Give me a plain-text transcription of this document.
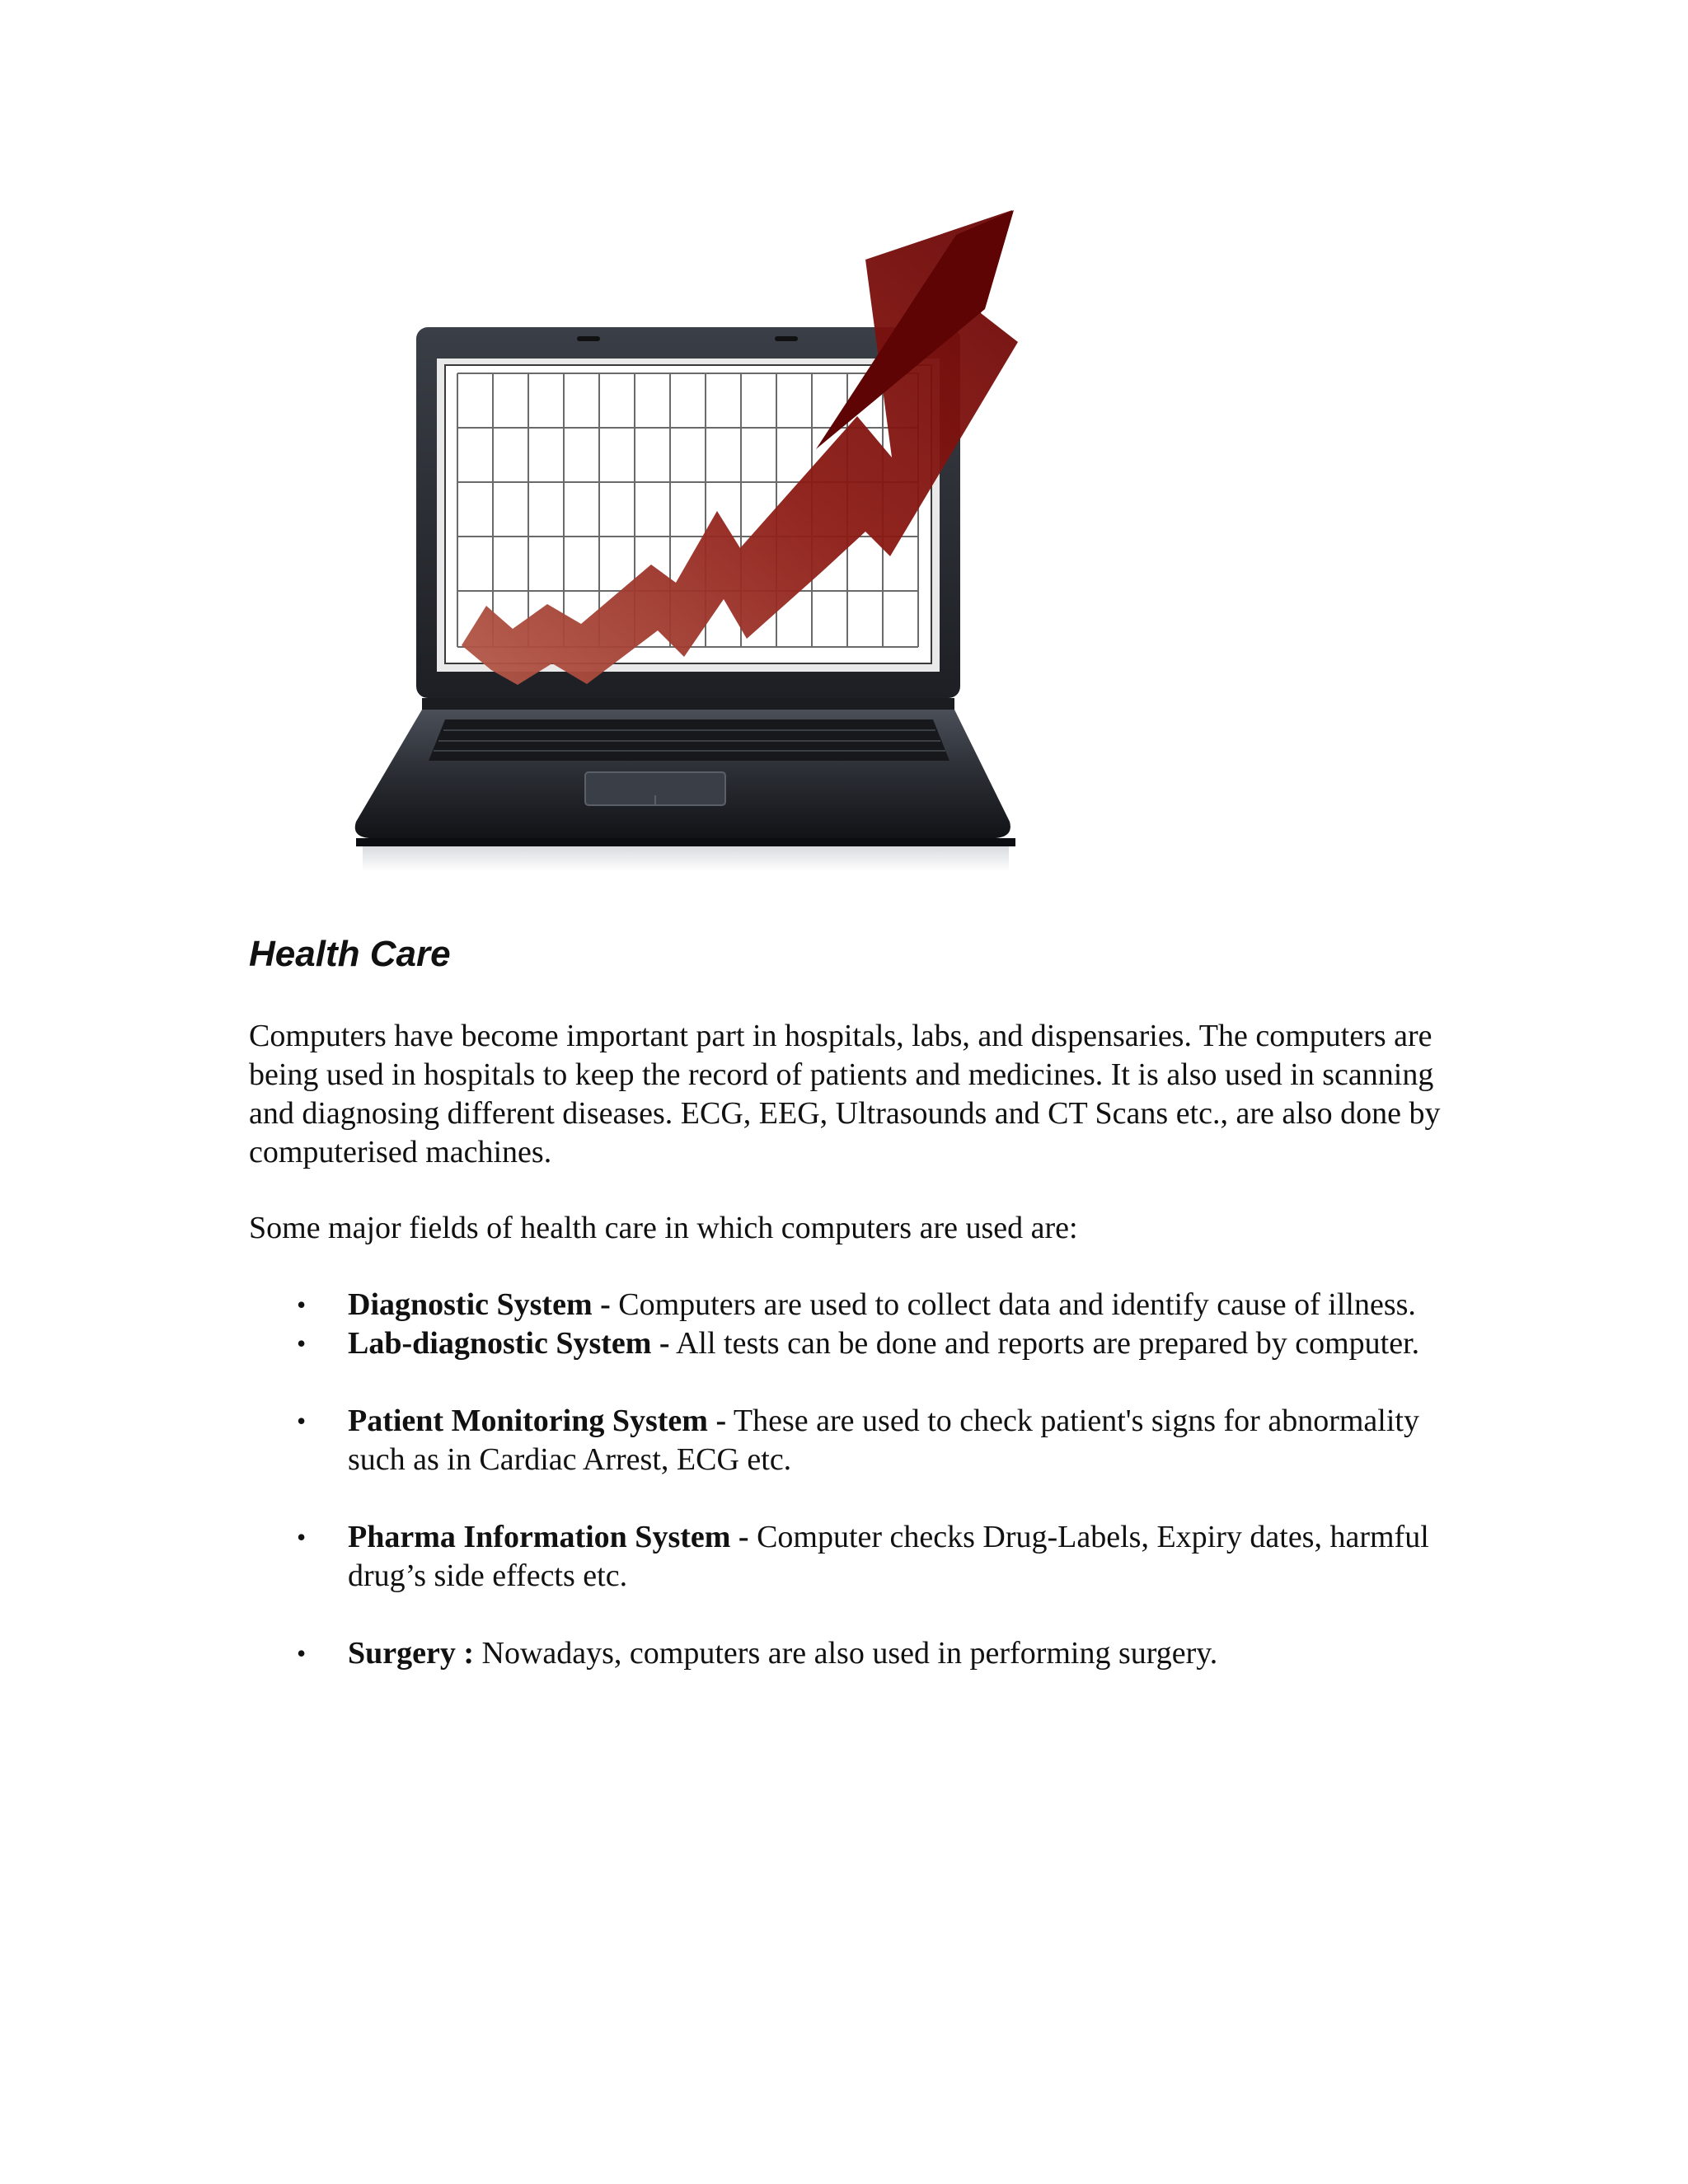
Health Care

Computers have become important part in hospitals, labs, and dispensaries. The computers are being used in hospitals to keep the record of patients and medicines. It is also used in scanning and diagnosing different diseases. ECG, EEG, Ultrasounds and CT Scans etc., are also done by computerised machines.

Some major fields of health care in which computers are used are:

• Diagnostic System - Computers are used to collect data and identify cause of illness.
• Lab-diagnostic System - All tests can be done and reports are prepared by computer.
• Patient Monitoring System - These are used to check patient's signs for abnormality such as in Cardiac Arrest, ECG etc.
• Pharma Information System - Computer checks Drug-Labels, Expiry dates, harmful drug’s side effects etc.
• Surgery : Nowadays, computers are also used in performing surgery.
